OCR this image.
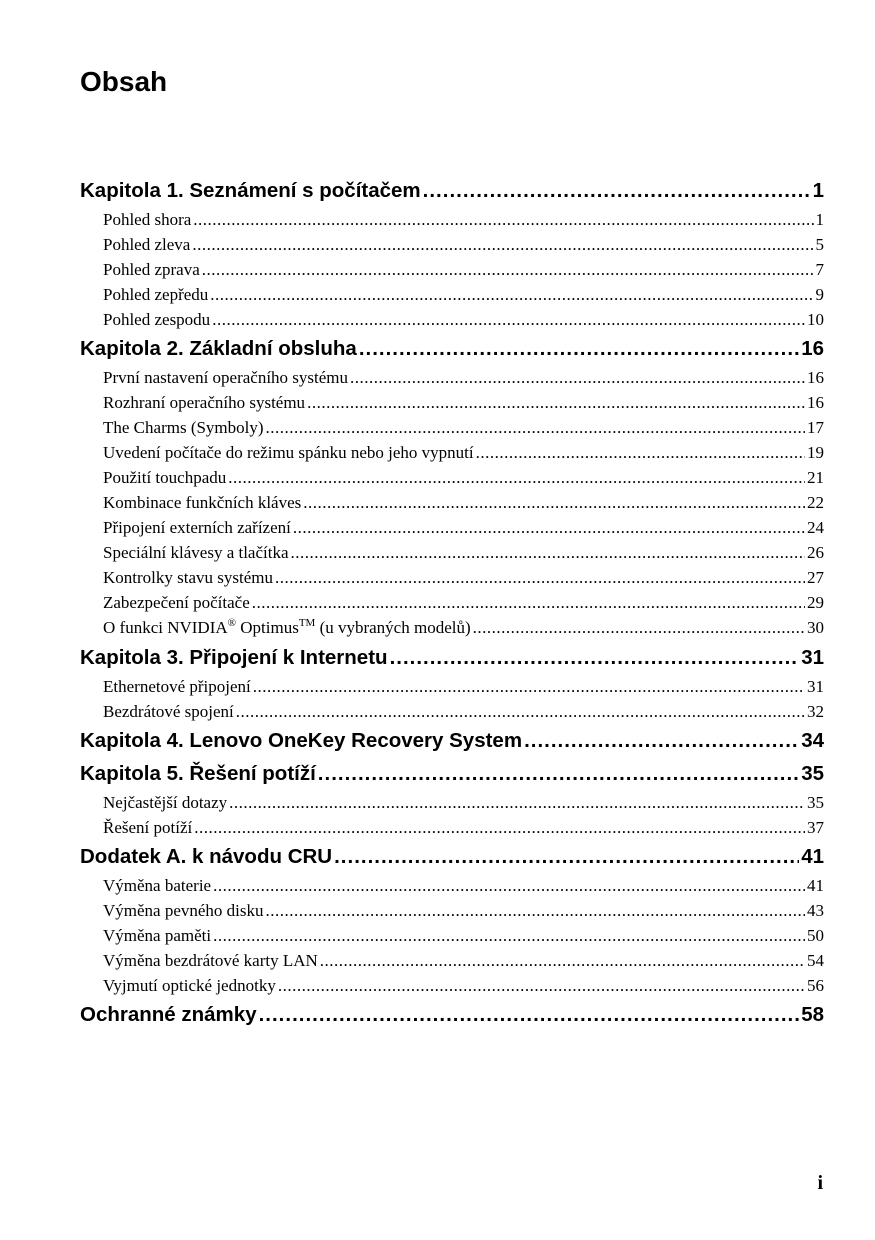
Obsah
Kapitola 1. Seznámení s počítačem .....	1
Pohled shora .....	1
Pohled zleva .....	5
Pohled zprava .....	7
Pohled zepředu .....	9
Pohled zespodu .....	10
Kapitola 2. Základní obsluha .....	16
První nastavení operačního systému .....	16
Rozhraní operačního systému .....	16
The Charms (Symboly) .....	17
Uvedení počítače do režimu spánku nebo jeho vypnutí .....	19
Použití touchpadu .....	21
Kombinace funkčních kláves .....	22
Připojení externích zařízení .....	24
Speciální klávesy a tlačítka .....	26
Kontrolky stavu systému .....	27
Zabezpečení počítače .....	29
O funkci NVIDIA® Optimus™ (u vybraných modelů) .....	30
Kapitola 3. Připojení k Internetu .....	31
Ethernetové připojení .....	31
Bezdrátové spojení .....	32
Kapitola 4. Lenovo OneKey Recovery System .....	34
Kapitola 5. Řešení potíží .....	35
Nejčastější dotazy .....	35
Řešení potíží .....	37
Dodatek A. k návodu CRU .....	41
Výměna baterie .....	41
Výměna pevného disku .....	43
Výměna paměti .....	50
Výměna bezdrátové karty LAN .....	54
Vyjmutí optické jednotky .....	56
Ochranné známky .....	58
i
